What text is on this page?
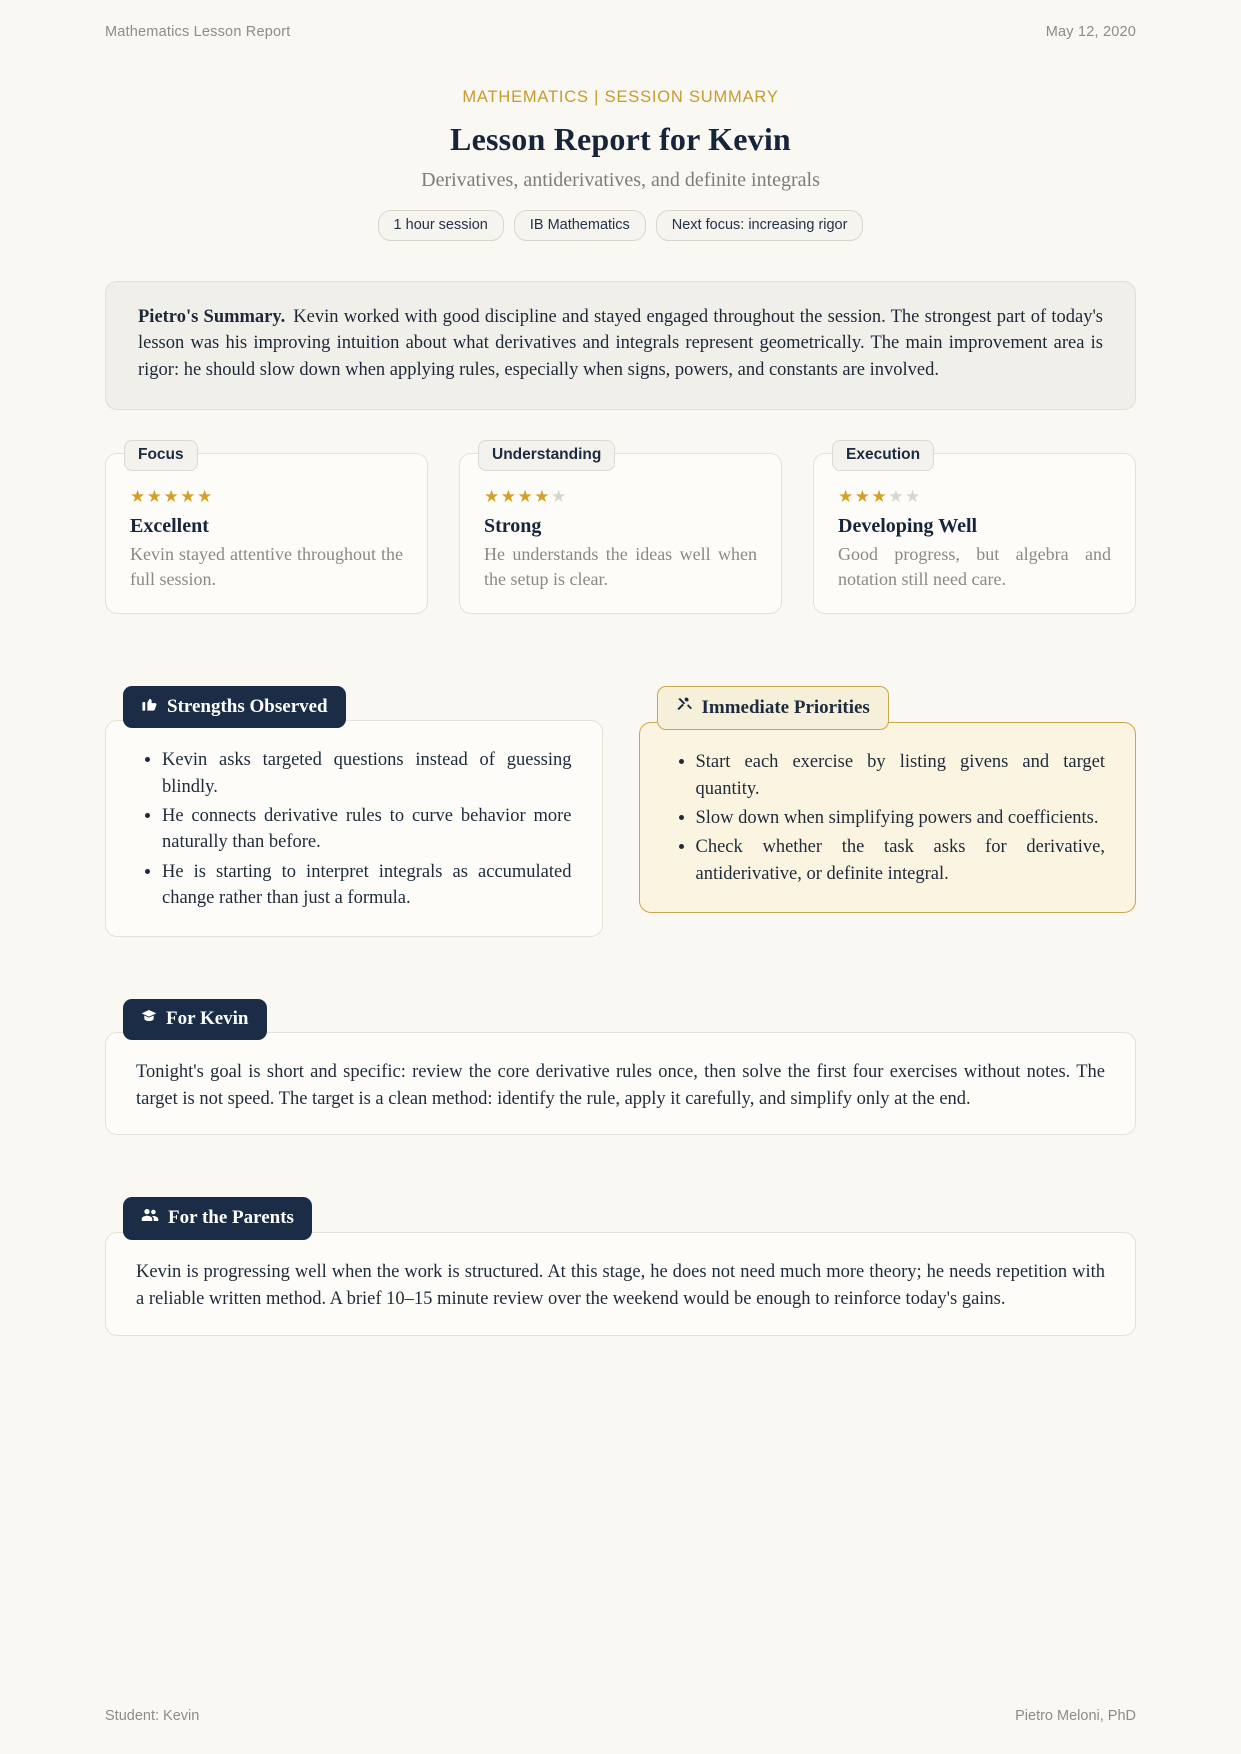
Mathematics Lesson Report	May 12, 2020
MATHEMATICS | SESSION SUMMARY
Lesson Report for Kevin
Derivatives, antiderivatives, and definite integrals
1 hour session	IB Mathematics	Next focus: increasing rigor
Pietro's Summary. Kevin worked with good discipline and stayed engaged throughout the session. The strongest part of today's lesson was his improving intuition about what derivatives and integrals represent geometrically. The main improvement area is rigor: he should slow down when applying rules, especially when signs, powers, and constants are involved.
Focus
★★★★★
Excellent
Kevin stayed attentive throughout the full session.
Understanding
★★★★★
Strong
He understands the ideas well when the setup is clear.
Execution
★★★★★
Developing Well
Good progress, but algebra and notation still need care.
Strengths Observed
• Kevin asks targeted questions instead of guessing blindly.
• He connects derivative rules to curve behavior more naturally than before.
• He is starting to interpret integrals as accumulated change rather than just a formula.
Immediate Priorities
• Start each exercise by listing givens and target quantity.
• Slow down when simplifying powers and coefficients.
• Check whether the task asks for derivative, antiderivative, or definite integral.
For Kevin

Tonight's goal is short and specific: review the core derivative rules once, then solve the first four exercises without notes. The target is not speed. The target is a clean method: identify the rule, apply it carefully, and simplify only at the end.

For the Parents

Kevin is progressing well when the work is structured. At this stage, he does not need much more theory; he needs repetition with a reliable written method. A brief 10–15 minute review over the weekend would be enough to reinforce today's gains.

Student: Kevin	Pietro Meloni, PhD
